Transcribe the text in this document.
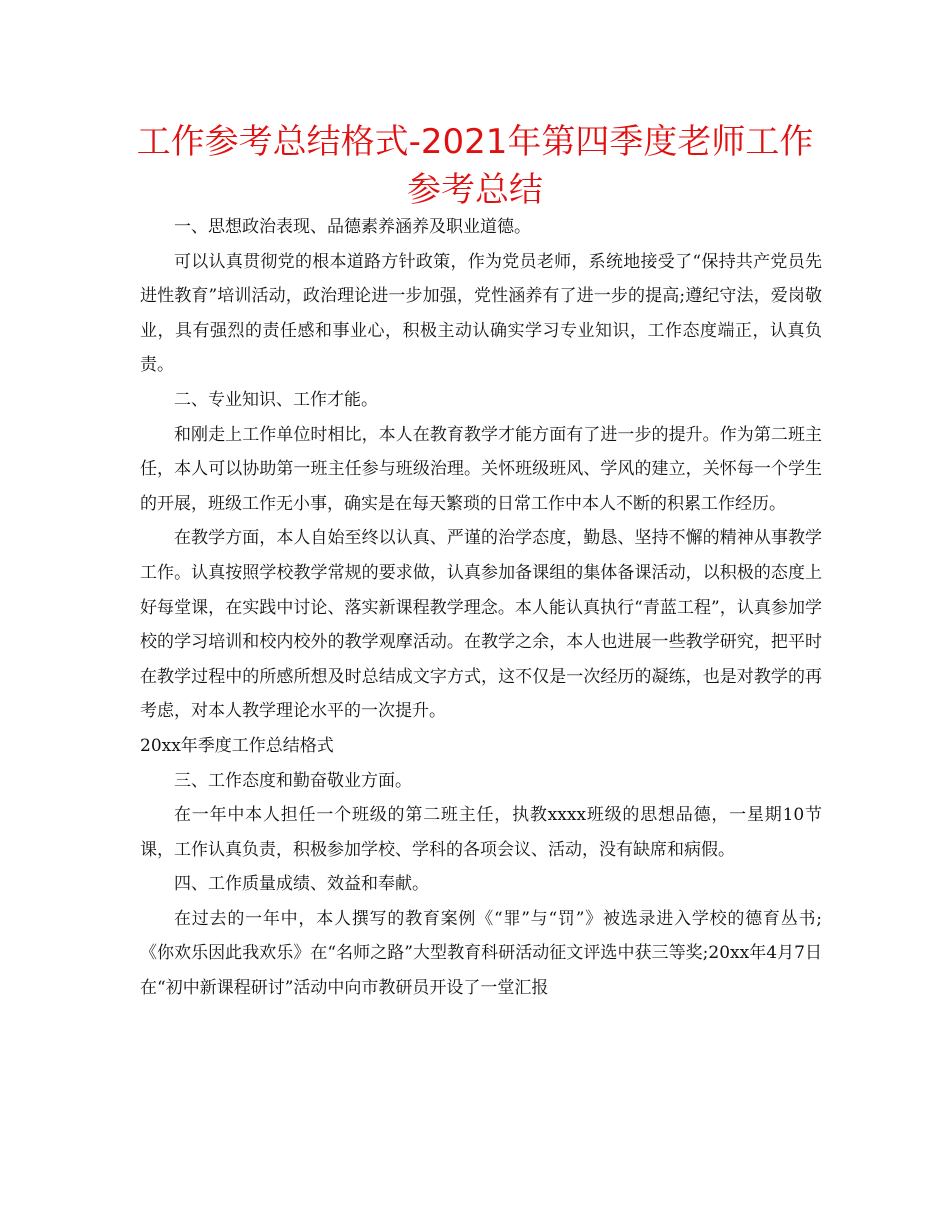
工作参考总结格式-2021年第四季度老师工作参考总结

一、思想政治表现、品德素养涵养及职业道德。

可以认真贯彻党的根本道路方针政策，作为党员老师，系统地接受了“保持共产党员先进性教育”培训活动，政治理论进一步加强，党性涵养有了进一步的提高;遵纪守法，爱岗敬业，具有强烈的责任感和事业心，积极主动认确实学习专业知识，工作态度端正，认真负责。

二、专业知识、工作才能。

和刚走上工作单位时相比，本人在教育教学才能方面有了进一步的提升。作为第二班主任，本人可以协助第一班主任参与班级治理。关怀班级班风、学风的建立，关怀每一个学生的开展，班级工作无小事，确实是在每天繁琐的日常工作中本人不断的积累工作经历。

在教学方面，本人自始至终以认真、严谨的治学态度，勤恳、坚持不懈的精神从事教学工作。认真按照学校教学常规的要求做，认真参加备课组的集体备课活动，以积极的态度上好每堂课，在实践中讨论、落实新课程教学理念。本人能认真执行“青蓝工程”，认真参加学校的学习培训和校内校外的教学观摩活动。在教学之余，本人也进展一些教学研究，把平时在教学过程中的所感所想及时总结成文字方式，这不仅是一次经历的凝练，也是对教学的再考虑，对本人教学理论水平的一次提升。

20xx年季度工作总结格式

三、工作态度和勤奋敬业方面。

在一年中本人担任一个班级的第二班主任，执教xxxx班级的思想品德，一星期10节课，工作认真负责，积极参加学校、学科的各项会议、活动，没有缺席和病假。

四、工作质量成绩、效益和奉献。

在过去的一年中，本人撰写的教育案例《“罪”与“罚”》被选录进入学校的德育丛书;《你欢乐因此我欢乐》在“名师之路”大型教育科研活动征文评选中获三等奖;20xx年4月7日在“初中新课程研讨”活动中向市教研员开设了一堂汇报
